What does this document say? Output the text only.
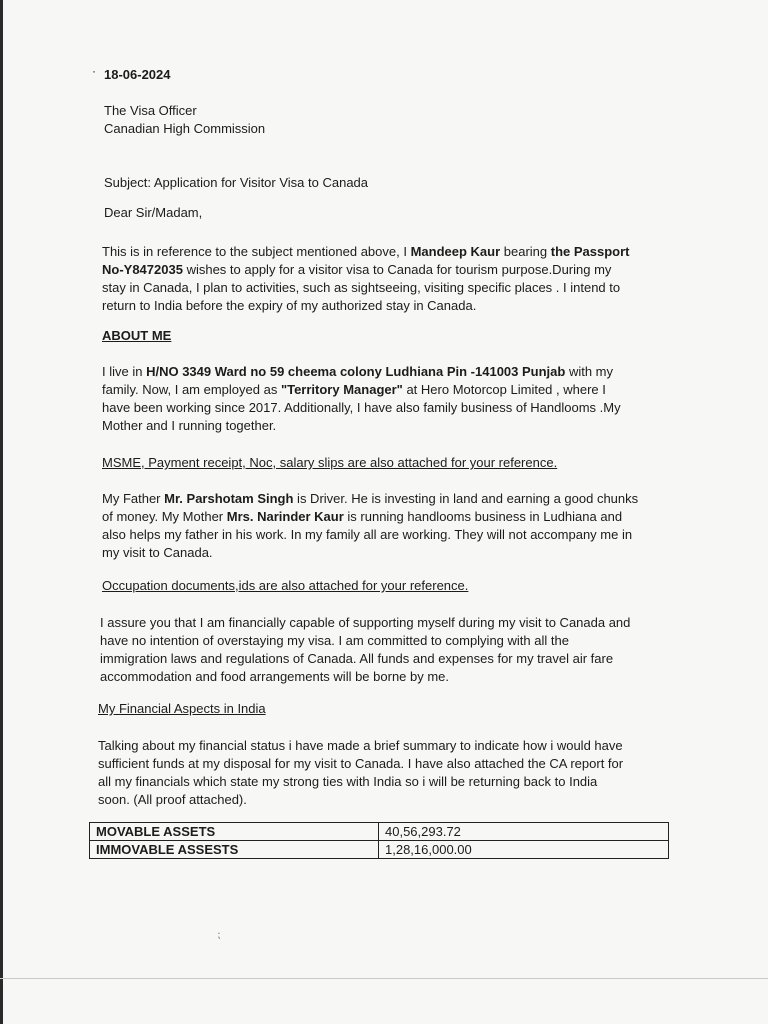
· 18-06-2024
The Visa Officer
Canadian High Commission
Subject: Application for Visitor Visa to Canada
Dear Sir/Madam,
This is in reference to the subject mentioned above, I Mandeep Kaur bearing the Passport
No-Y8472035 wishes to apply for a visitor visa to Canada for tourism purpose.During my
stay in Canada, I plan to activities, such as sightseeing, visiting specific places . I intend to
return to India before the expiry of my authorized stay in Canada.
ABOUT ME
I live in H/NO 3349 Ward no 59 cheema colony Ludhiana Pin -141003 Punjab with my
family. Now, I am employed as "Territory Manager" at Hero Motorcop Limited , where I
have been working since 2017. Additionally, I have also family business of Handlooms .My
Mother and I running together.
MSME, Payment receipt, Noc, salary slips are also attached for your reference.
My Father Mr. Parshotam Singh is Driver. He is investing in land and earning a good chunks
of money. My Mother Mrs. Narinder Kaur is running handlooms business in Ludhiana and
also helps my father in his work. In my family all are working. They will not accompany me in
my visit to Canada.
Occupation documents,ids are also attached for your reference.
I assure you that I am financially capable of supporting myself during my visit to Canada and
have no intention of overstaying my visa. I am committed to complying with all the
immigration laws and regulations of Canada. All funds and expenses for my travel air fare
accommodation and food arrangements will be borne by me.
My Financial Aspects in India
Talking about my financial status i have made a brief summary to indicate how i would have
sufficient funds at my disposal for my visit to Canada. I have also attached the CA report for
all my financials which state my strong ties with India so i will be returning back to India
soon. (All proof attached).
MOVABLE ASSETS	40,56,293.72
IMMOVABLE ASSESTS	1,28,16,000.00
⁏
